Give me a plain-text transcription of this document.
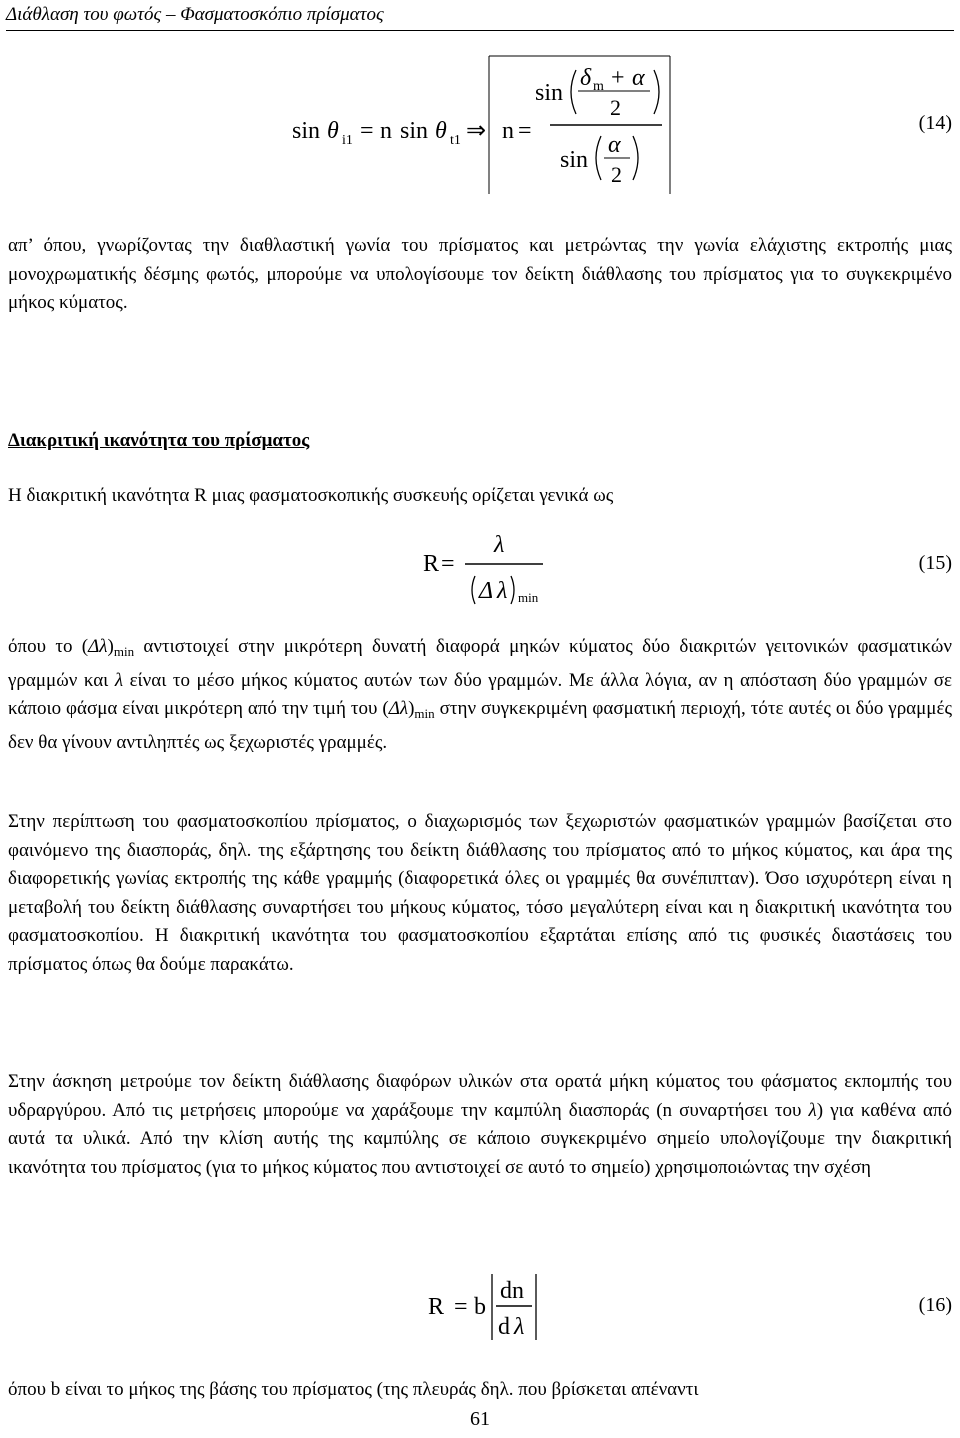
Διάθλαση του φωτός – Φασματοσκόπιο πρίσματος
sin θ i1 = n sin θ t1 ⇒ n =
sin
δ m + α
2
sin
α
2
(14)
απ’ όπου, γνωρίζοντας την διαθλαστική γωνία του πρίσματος και μετρώντας την γωνία ελάχιστης εκτροπής μιας μονοχρωματικής δέσμης φωτός, μπορούμε να υπολογίσουμε τον δείκτη διάθλασης του πρίσματος για το συγκεκριμένο μήκος κύματος.
Διακριτική ικανότητα του πρίσματος
Η διακριτική ικανότητα R μιας φασματοσκοπικής συσκευής ορίζεται γενικά ως
R =
λ
Δ λ min
(15)
όπου το $(\Delta\lambda)_{min}$ αντιστοιχεί στην μικρότερη δυνατή διαφορά μηκών κύματος δύο διακριτών γειτονικών φασματικών γραμμών και λ είναι το μέσο μήκος κύματος αυτών των δύο γραμμών. Με άλλα λόγια, αν η απόσταση δύο γραμμών σε κάποιο φάσμα είναι μικρότερη από την τιμή του $(\Delta\lambda)_{min}$ στην συγκεκριμένη φασματική περιοχή, τότε αυτές οι δύο γραμμές δεν θα γίνουν αντιληπτές ως ξεχωριστές γραμμές.
Στην περίπτωση του φασματοσκοπίου πρίσματος, ο διαχωρισμός των ξεχωριστών φασματικών γραμμών βασίζεται στο φαινόμενο της διασποράς, δηλ. της εξάρτησης του δείκτη διάθλασης του πρίσματος από το μήκος κύματος, και άρα της διαφορετικής γωνίας εκτροπής της κάθε γραμμής (διαφορετικά όλες οι γραμμές θα συνέπιπταν). Όσο ισχυρότερη είναι η μεταβολή του δείκτη διάθλασης συναρτήσει του μήκους κύματος, τόσο μεγαλύτερη είναι και η διακριτική ικανότητα του φασματοσκοπίου. Η διακριτική ικανότητα του φασματοσκοπίου εξαρτάται επίσης από τις φυσικές διαστάσεις του πρίσματος όπως θα δούμε παρακάτω.
Στην άσκηση μετρούμε τον δείκτη διάθλασης διαφόρων υλικών στα ορατά μήκη κύματος του φάσματος εκπομπής του υδραργύρου. Από τις μετρήσεις μπορούμε να χαράξουμε την καμπύλη διασποράς (n συναρτήσει του λ) για καθένα από αυτά τα υλικά. Από την κλίση αυτής της καμπύλης σε κάποιο συγκεκριμένο σημείο υπολογίζουμε την διακριτική ικανότητα του πρίσματος (για το μήκος κύματος που αντιστοιχεί σε αυτό το σημείο) χρησιμοποιώντας την σχέση
R = b
dn
d λ
(16)
όπου b είναι το μήκος της βάσης του πρίσματος (της πλευράς δηλ. που βρίσκεται απέναντι
61
